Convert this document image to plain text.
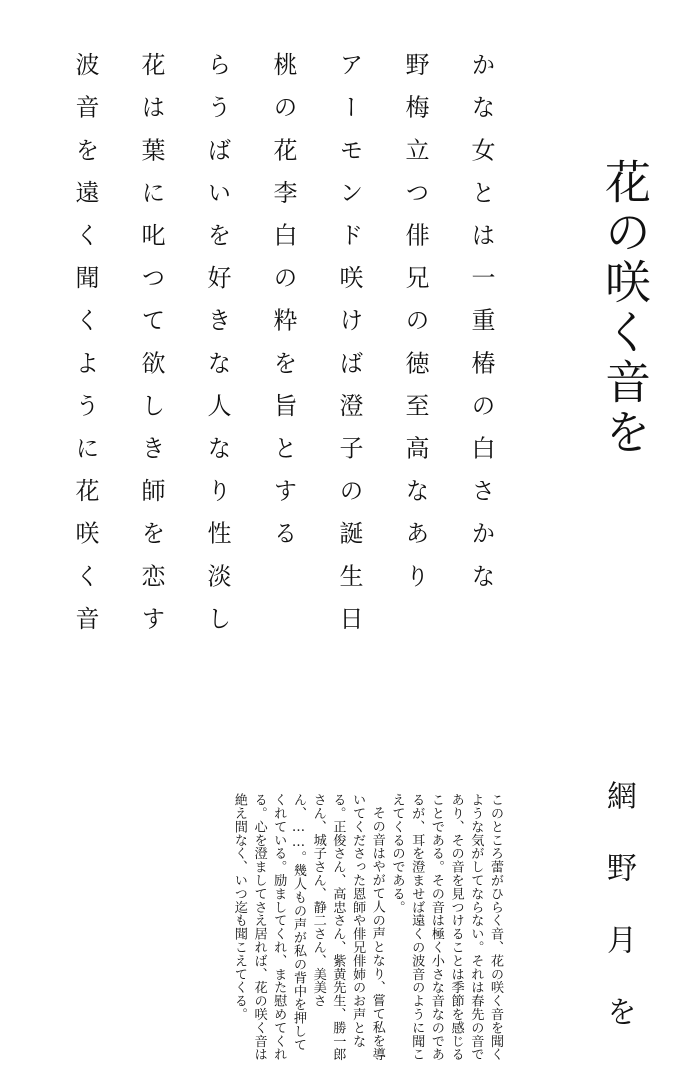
花の咲く音を
かな女とは一重椿の白さかな
野梅立つ俳兄の徳至高なあり
アーモンド咲けば澄子の誕生日
桃の花李白の粋を旨とする
らうばいを好きな人なり性淡し
花は葉に叱つて欲しき師を恋す
波音を遠く聞くように花咲く音
網野月を

このところ蕾がひらく音、花の咲く音を聞くような気がしてならない。それは春先の音であり、その音を見つけることは季節を感じることである。その音は極く小さな音なのであるが、耳を澄ませば遠くの波音のように聞こえてくるのである。

その音はやがて人の声となり、嘗て私を導いてくださった恩師や俳兄俳姉のお声となる。正俊さん、高忠さん、紫黄先生、勝一郎さん、城子さん、静二さん、美美さん、……。幾人もの声が私の背中を押してくれている。励ましてくれ、また慰めてくれる。心を澄ましてさえ居れば、花の咲く音は絶え間なく、いつ迄も聞こえてくる。
